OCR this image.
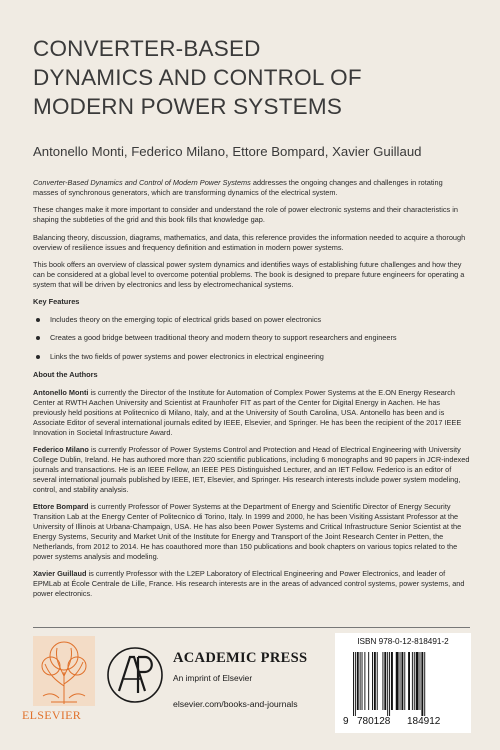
CONVERTER-BASED
DYNAMICS AND CONTROL OF
MODERN POWER SYSTEMS
Antonello Monti, Federico Milano, Ettore Bompard, Xavier Guillaud

Converter-Based Dynamics and Control of Modern Power Systems addresses the ongoing changes and challenges in rotating masses of synchronous generators, which are transforming dynamics of the electrical system.

These changes make it more important to consider and understand the role of power electronic systems and their characteristics in shaping the subtleties of the grid and this book fills that knowledge gap.

Balancing theory, discussion, diagrams, mathematics, and data, this reference provides the information needed to acquire a thorough overview of resilience issues and frequency definition and estimation in modern power systems.

This book offers an overview of classical power system dynamics and identifies ways of establishing future challenges and how they can be considered at a global level to overcome potential problems. The book is designed to prepare future engineers for operating a system that will be driven by electronics and less by electromechanical systems.

Key Features
Includes theory on the emerging topic of electrical grids based on power electronics
Creates a good bridge between traditional theory and modern theory to support researchers and engineers
Links the two fields of power systems and power electronics in electrical engineering
About the Authors

Antonello Monti is currently the Director of the Institute for Automation of Complex Power Systems at the E.ON Energy Research Center at RWTH Aachen University and Scientist at Fraunhofer FIT as part of the Center for Digital Energy in Aachen. He has previously held positions at Politecnico di Milano, Italy, and at the University of South Carolina, USA. Antonello has been and is Associate Editor of several international journals edited by IEEE, Elsevier, and Springer. He has been the recipient of the 2017 IEEE Innovation in Societal Infrastructure Award.

Federico Milano is currently Professor of Power Systems Control and Protection and Head of Electrical Engineering with University College Dublin, Ireland. He has authored more than 220 scientific publications, including 6 monographs and 90 papers in JCR-indexed journals and transactions. He is an IEEE Fellow, an IEEE PES Distinguished Lecturer, and an IET Fellow. Federico is an editor of several international journals published by IEEE, IET, Elsevier, and Springer. His research interests include power system modeling, control, and stability analysis.

Ettore Bompard is currently Professor of Power Systems at the Department of Energy and Scientific Director of Energy Security Transition Lab at the Energy Center of Politecnico di Torino, Italy. In 1999 and 2000, he has been Visiting Assistant Professor at the University of Illinois at Urbana-Champaign, USA. He has also been Power Systems and Critical Infrastructure Senior Scientist at the Energy Systems, Security and Market Unit of the Institute for Energy and Transport of the Joint Research Center in Petten, the Netherlands, from 2012 to 2014. He has coauthored more than 150 publications and book chapters on various topics related to the power systems analysis and modeling.

Xavier Guillaud is currently Professor with the L2EP Laboratory of Electrical Engineering and Power Electronics, and leader of EPMLab at École Centrale de Lille, France. His research interests are in the areas of advanced control systems, power systems, and power electronics.

ELSEVIER
ACADEMIC PRESS
An imprint of Elsevier
elsevier.com/books-and-journals
ISBN 978-0-12-818491-2
9 780128 184912
